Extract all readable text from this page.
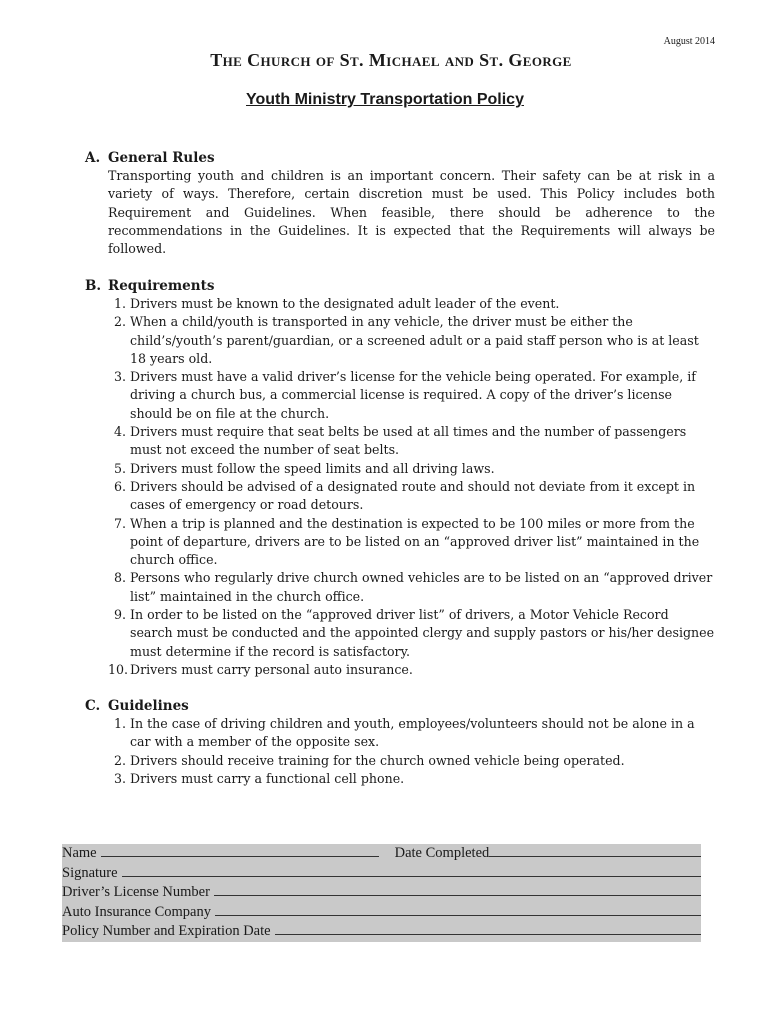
August 2014
The Church of St. Michael and St. George
Youth Ministry Transportation Policy
A. General Rules
Transporting youth and children is an important concern. Their safety can be at risk in a variety of ways. Therefore, certain discretion must be used. This Policy includes both Requirement and Guidelines. When feasible, there should be adherence to the recommendations in the Guidelines. It is expected that the Requirements will always be followed.
B. Requirements
1. Drivers must be known to the designated adult leader of the event.
2. When a child/youth is transported in any vehicle, the driver must be either the child’s/youth’s parent/guardian, or a screened adult or a paid staff person who is at least 18 years old.
3. Drivers must have a valid driver’s license for the vehicle being operated. For example, if driving a church bus, a commercial license is required. A copy of the driver’s license should be on file at the church.
4. Drivers must require that seat belts be used at all times and the number of passengers must not exceed the number of seat belts.
5. Drivers must follow the speed limits and all driving laws.
6. Drivers should be advised of a designated route and should not deviate from it except in cases of emergency or road detours.
7. When a trip is planned and the destination is expected to be 100 miles or more from the point of departure, drivers are to be listed on an “approved driver list” maintained in the church office.
8. Persons who regularly drive church owned vehicles are to be listed on an “approved driver list” maintained in the church office.
9. In order to be listed on the “approved driver list” of drivers, a Motor Vehicle Record search must be conducted and the appointed clergy and supply pastors or his/her designee must determine if the record is satisfactory.
10. Drivers must carry personal auto insurance.
C. Guidelines
1. In the case of driving children and youth, employees/volunteers should not be alone in a car with a member of the opposite sex.
2. Drivers should receive training for the church owned vehicle being operated.
3. Drivers must carry a functional cell phone.
Name	Date Completed
Signature
Driver’s License Number
Auto Insurance Company
Policy Number and Expiration Date
